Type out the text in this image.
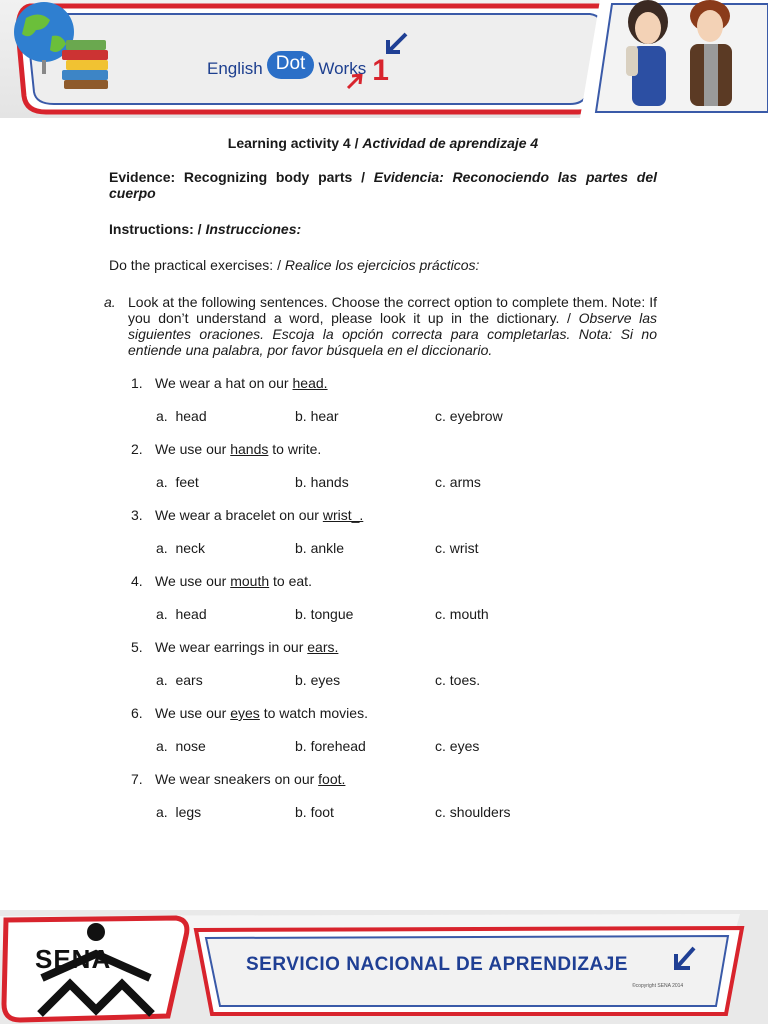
English Dot Works 1
Learning activity 4 / Actividad de aprendizaje 4
Evidence: Recognizing body parts / Evidencia: Reconociendo las partes del cuerpo
Instructions: / Instrucciones:
Do the practical exercises: / Realice los ejercicios prácticos:
a. Look at the following sentences. Choose the correct option to complete them. Note: If you don’t understand a word, please look it up in the dictionary. / Observe las siguientes oraciones. Escoja la opción correcta para completarlas. Nota: Si no entiende una palabra, por favor búsquela en el diccionario.
1. We wear a hat on our head.
a.  head	b. hear	c. eyebrow
2. We use our hands to write.
a.  feet	b. hands	c. arms
3. We wear a bracelet on our wrist_.
a.  neck	b. ankle	c. wrist
4. We use our mouth to eat.
a.  head	b. tongue	c. mouth
5. We wear earrings in our ears.
a.  ears	b. eyes	c. toes.
6. We use our eyes to watch movies.
a.  nose	b. forehead	c. eyes
7. We wear sneakers on our foot.
a.  legs	b. foot	c. shoulders
SENA	SERVICIO NACIONAL DE APRENDIZAJE
©copyright SENA 2014
